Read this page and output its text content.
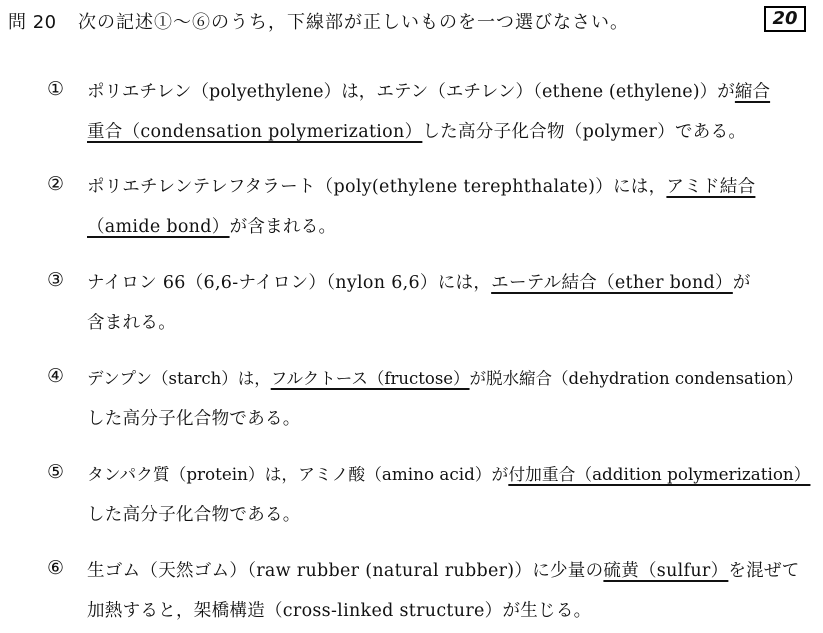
問 20 次の記述①～⑥のうち，下線部が正しいものを一つ選びなさい。	20
① ポリエチレン（polyethylene）は，エテン（エチレン）（ethene (ethylene)）が縮合
重合（condensation polymerization）した高分子化合物（polymer）である。
② ポリエチレンテレフタラート（poly(ethylene terephthalate)）には，アミド結合
（amide bond）が含まれる。
③ ナイロン 66（6,6-ナイロン）（nylon 6,6）には，エーテル結合（ether bond）が
含まれる。
④ デンプン（starch）は，フルクトース（fructose）が脱水縮合（dehydration condensation）
した高分子化合物である。
⑤ タンパク質（protein）は，アミノ酸（amino acid）が付加重合（addition polymerization）
した高分子化合物である。
⑥ 生ゴム（天然ゴム）（raw rubber (natural rubber)）に少量の硫黄（sulfur）を混ぜて
加熱すると，架橋構造（cross-linked structure）が生じる。
